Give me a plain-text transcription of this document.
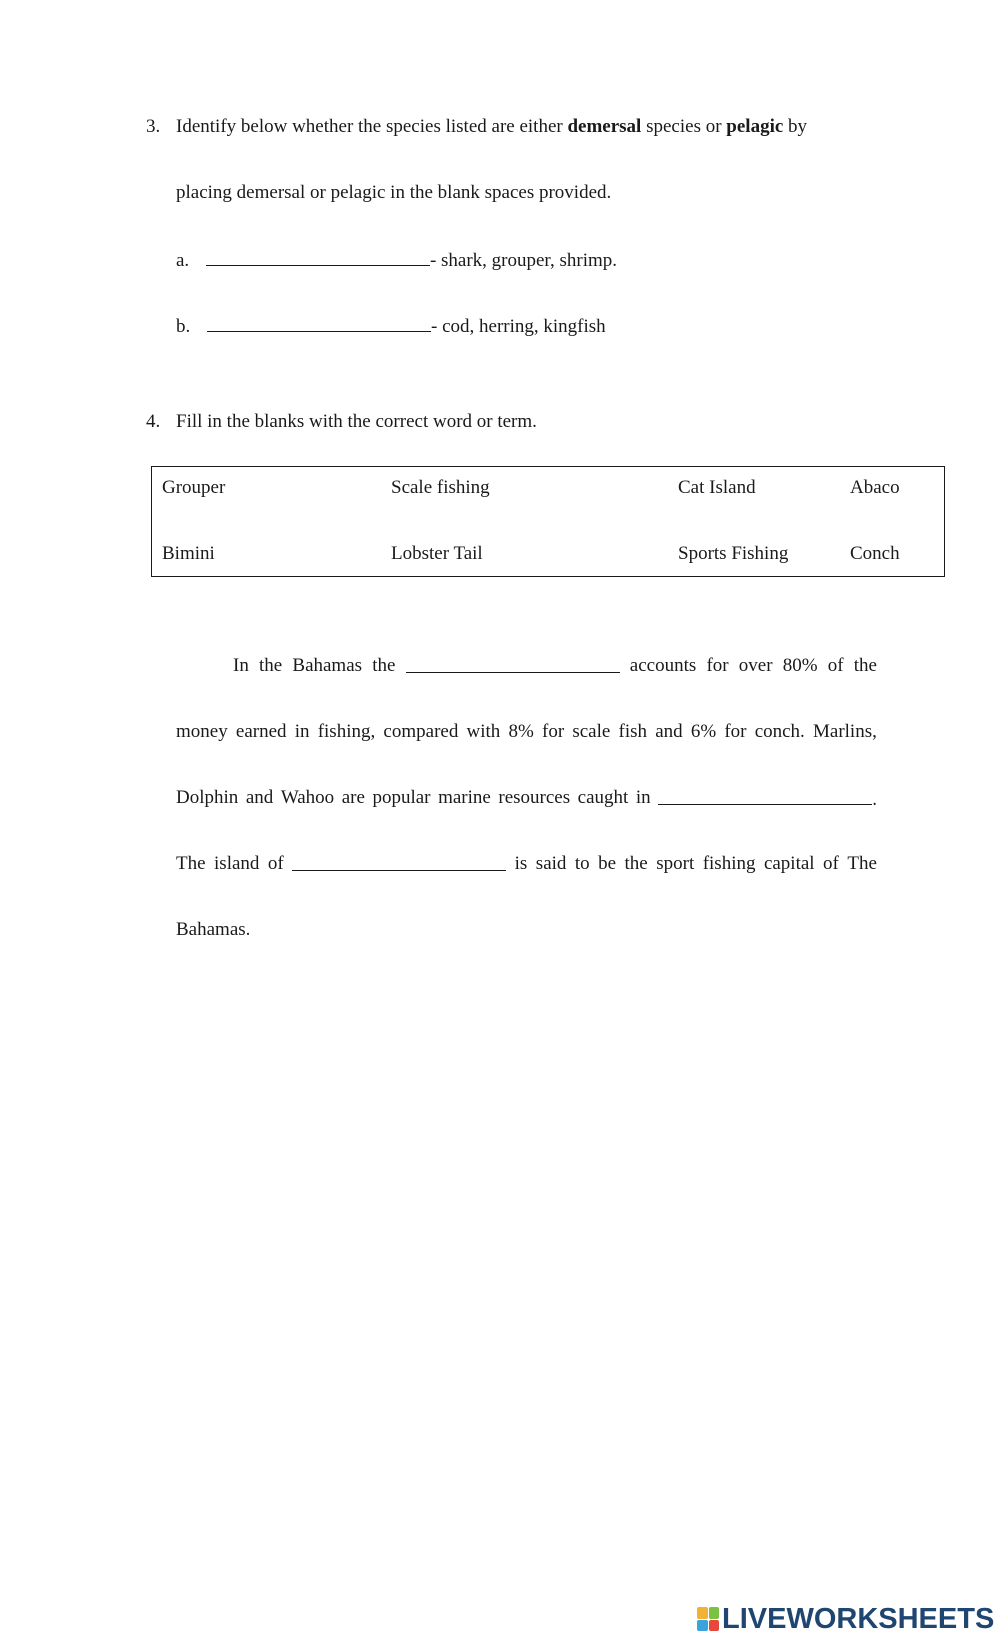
3. Identify below whether the species listed are either demersal species or pelagic by
placing demersal or pelagic in the blank spaces provided.
a.	- shark, grouper, shrimp.
b.	- cod, herring, kingfish
4. Fill in the blanks with the correct word or term.
Grouper	Scale fishing	Cat Island	Abaco
Bimini	Lobster Tail	Sports Fishing	Conch
In the Bahamas the	accounts for over 80% of the
money earned in fishing, compared with 8% for scale fish and 6% for conch. Marlins,
Dolphin and Wahoo are popular marine resources caught in	.
The island of	is said to be the sport fishing capital of The
Bahamas.
LIVEWORKSHEETS
